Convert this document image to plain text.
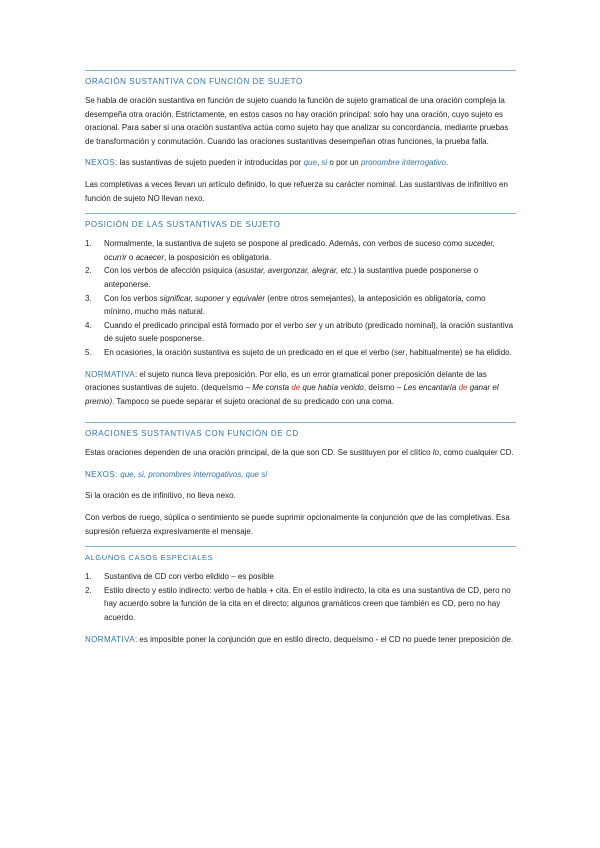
ORACIÓN SUSTANTIVA CON FUNCIÓN DE SUJETO

Se habla de oración sustantiva en función de sujeto cuando la función de sujeto gramatical de una oración compleja la desempeña otra oración. Estrictamente, en estos casos no hay oración principal: solo hay una oración, cuyo sujeto es oracional. Para saber si una oración sustantiva actúa como sujeto hay que analizar su concordancia, mediante pruebas de transformación y conmutación. Cuando las oraciones sustantivas desempeñan otras funciones, la prueba falla.

NEXOS: las sustantivas de sujeto pueden ir introducidas por que, si o por un pronombre interrogativo.

Las completivas a veces llevan un artículo definido, lo que refuerza su carácter nominal. Las sustantivas de infinitivo en función de sujeto NO llevan nexo.

POSICIÓN DE LAS SUSTANTIVAS DE SUJETO
1. Normalmente, la sustantiva de sujeto se pospone al predicado. Además, con verbos de suceso como suceder, ocurrir o acaecer, la posposición es obligatoria.
2. Con los verbos de afección psíquica (asustar, avergonzar, alegrar, etc.) la sustantiva puede posponerse o anteponerse.
3. Con los verbos significar, suponer y equivaler (entre otros semejantes), la anteposición es obligatoria, como mínimo, mucho más natural.
4. Cuando el predicado principal está formado por el verbo ser y un atributo (predicado nominal), la oración sustantiva de sujeto suele posponerse.
5. En ocasiones, la oración sustantiva es sujeto de un predicado en el que el verbo (ser, habitualmente) se ha elidido.

NORMATIVA: el sujeto nunca lleva preposición. Por ello, es un error gramatical poner preposición delante de las oraciones sustantivas de sujeto. (dequeísmo – Me consta de que había venido, deísmo – Les encantaría de ganar el premio). Tampoco se puede separar el sujeto oracional de su predicado con una coma.

ORACIONES SUSTANTIVAS CON FUNCIÓN DE CD

Estas oraciones dependen de una oración principal, de la que son CD. Se sustituyen por el clítico lo, como cualquier CD.

NEXOS: que, si, pronombres interrogativos, que si

Si la oración es de infinitivo, no lleva nexo.

Con verbos de ruego, súplica o sentimiento se puede suprimir opcionalmente la conjunción que de las completivas. Esa supresión refuerza expresivamente el mensaje.

ALGUNOS CASOS ESPECIALES
1. Sustantiva de CD con verbo elidido – es posible
2. Estilo directo y estilo indirecto: verbo de habla + cita. En el estilo indirecto, la cita es una sustantiva de CD, pero no hay acuerdo sobre la función de la cita en el directo; algunos gramáticos creen que también es CD, pero no hay acuerdo.

NORMATIVA: es imposible poner la conjunción que en estilo directo, dequeísmo - el CD no puede tener preposición de.
